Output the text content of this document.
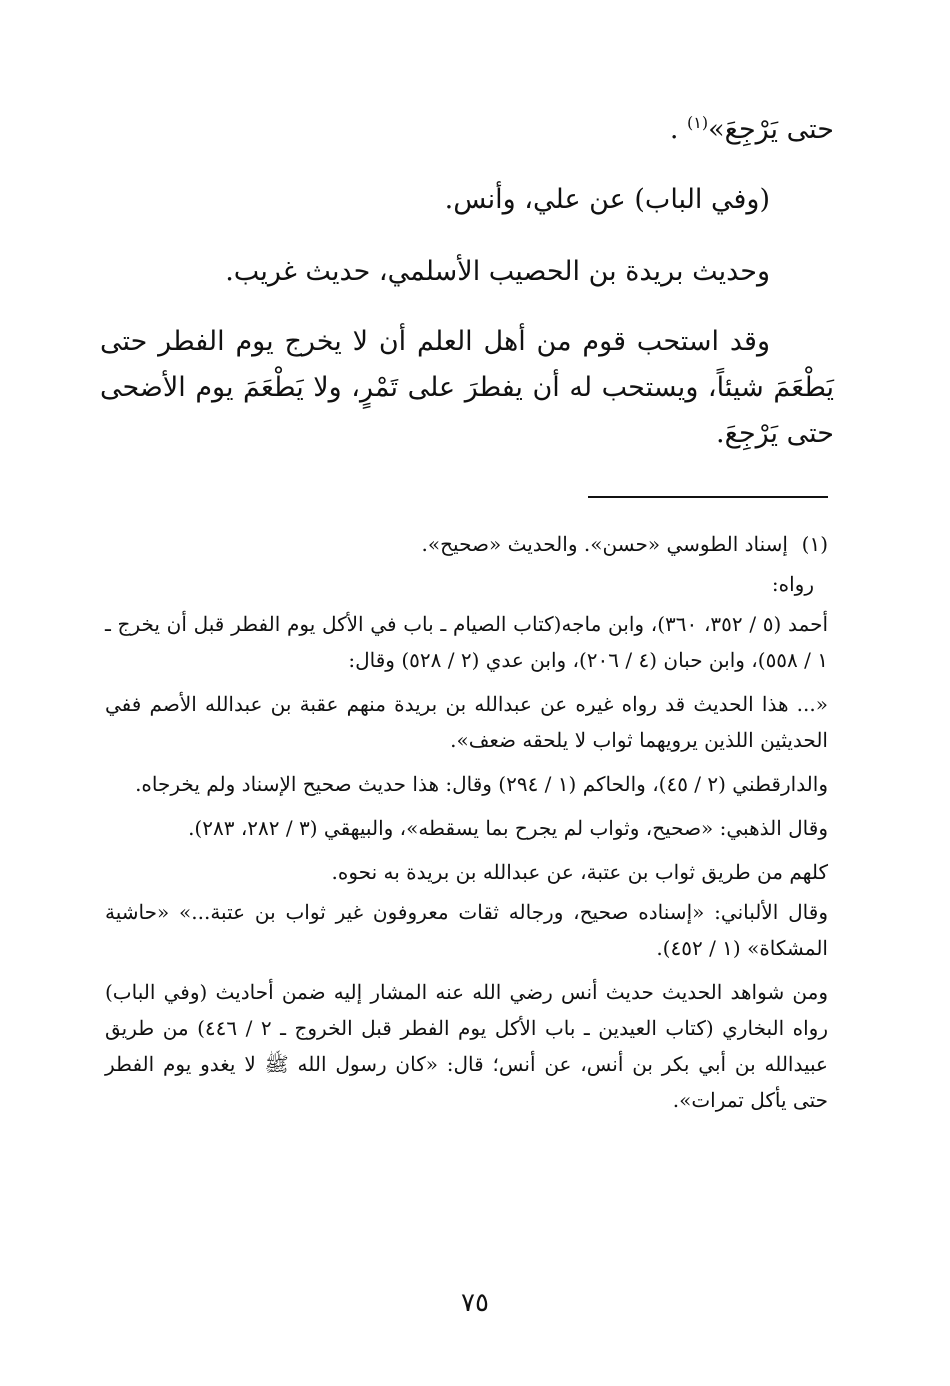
حتى يَرْجِعَ»$^{(١)}$ .

(وفي الباب) عن علي، وأنس.

وحديث بريدة بن الحصيب الأسلمي، حديث غريب.

وقد استحب قوم من أهل العلم أن لا يخرج يوم الفطر حتى يَطْعَمَ شيئاً، ويستحب له أن يفطرَ على تَمْرٍ، ولا يَطْعَمَ يوم الأضحى حتى يَرْجِعَ.

(١)إسناد الطوسي «حسن». والحديث «صحيح».

رواه:

أحمد (٥ / ٣٥٢، ٣٦٠)، وابن ماجه(كتاب الصيام ـ باب في الأكل يوم الفطر قبل أن يخرج ـ ١ / ٥٥٨)، وابن حبان (٤ / ٢٠٦)، وابن عدي (٢ / ٥٢٨) وقال:

«... هذا الحديث قد رواه غيره عن عبدالله بن بريدة منهم عقبة بن عبدالله الأصم ففي الحديثين اللذين يرويهما ثواب لا يلحقه ضعف».

والدارقطني (٢ / ٤٥)، والحاكم (١ / ٢٩٤) وقال: هذا حديث صحيح الإسناد ولم يخرجاه.

وقال الذهبي: «صحيح، وثواب لم يجرح بما يسقطه»، والبيهقي (٣ / ٢٨٢، ٢٨٣).

كلهم من طريق ثواب بن عتبة، عن عبدالله بن بريدة به نحوه.

وقال الألباني: «إسناده صحيح، ورجاله ثقات معروفون غير ثواب بن عتبة...» «حاشية المشكاة» (١ / ٤٥٢).

ومن شواهد الحديث حديث أنس رضي الله عنه المشار إليه ضمن أحاديث (وفي الباب) رواه البخاري (كتاب العيدين ـ باب الأكل يوم الفطر قبل الخروج ـ ٢ / ٤٤٦) من طريق عبيدالله بن أبي بكر بن أنس، عن أنس؛ قال: «كان رسول الله ﷺ لا يغدو يوم الفطر حتى يأكل تمرات».

٧٥
